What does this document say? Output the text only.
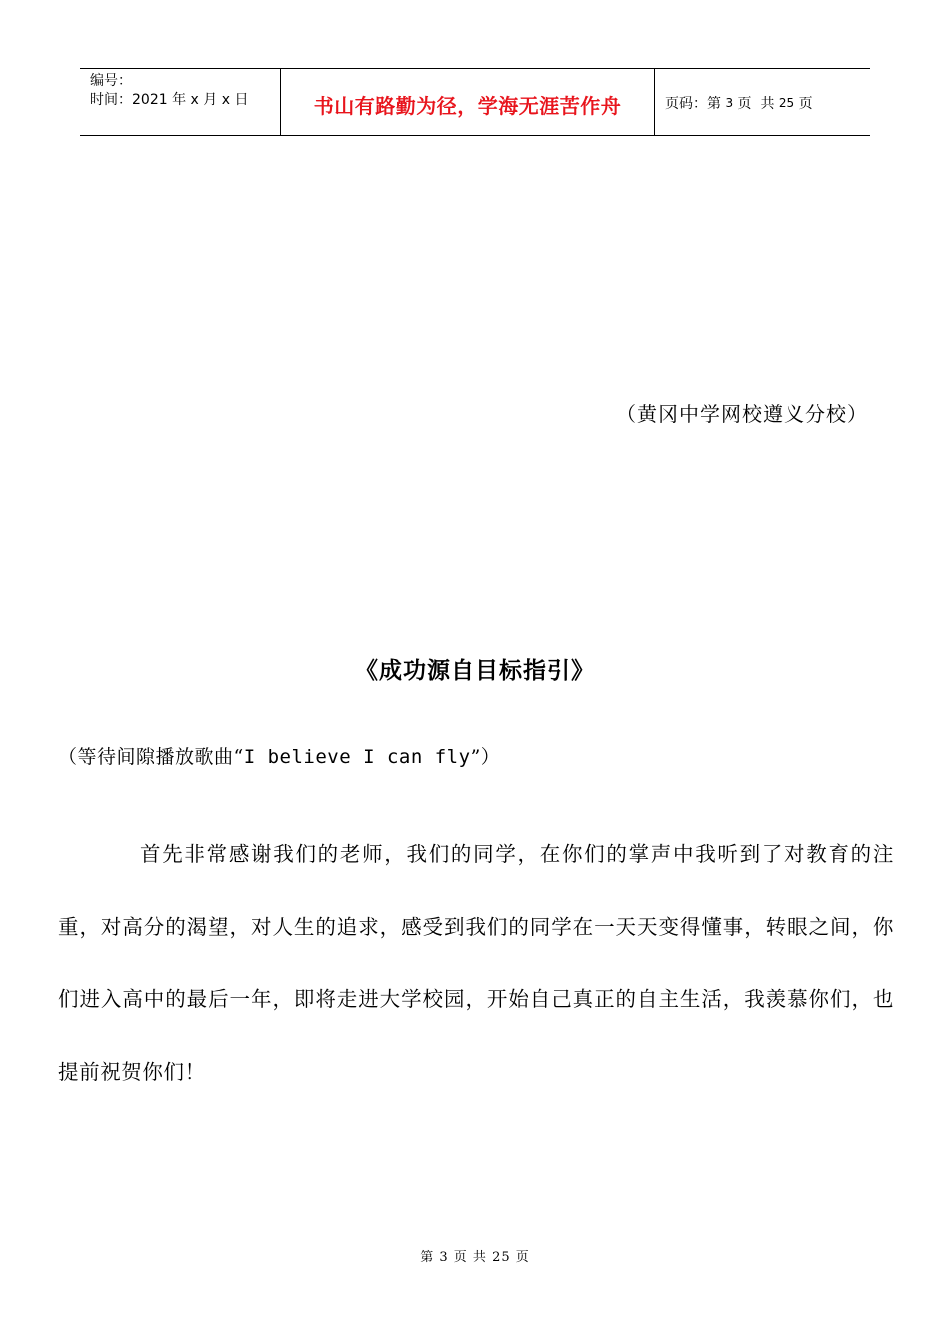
编号：
时间：2021 年 x 月 x 日	书山有路勤为径，学海无涯苦作舟	页码：第
3
页
共
25
页
（黄冈中学网校遵义分校）
《成功源自目标指引》
（等待间隙播放歌曲“I believe I can fly”）

首先非常感谢我们的老师，我们的同学，在你们的掌声中我听到了对教育的注重，对高分的渴望，对人生的追求，感受到我们的同学在一天天变得懂事，转眼之间，你们进入高中的最后一年，即将走进大学校园，开始自己真正的自主生活，我羡慕你们，也提前祝贺你们！

第 3 页 共 25 页
